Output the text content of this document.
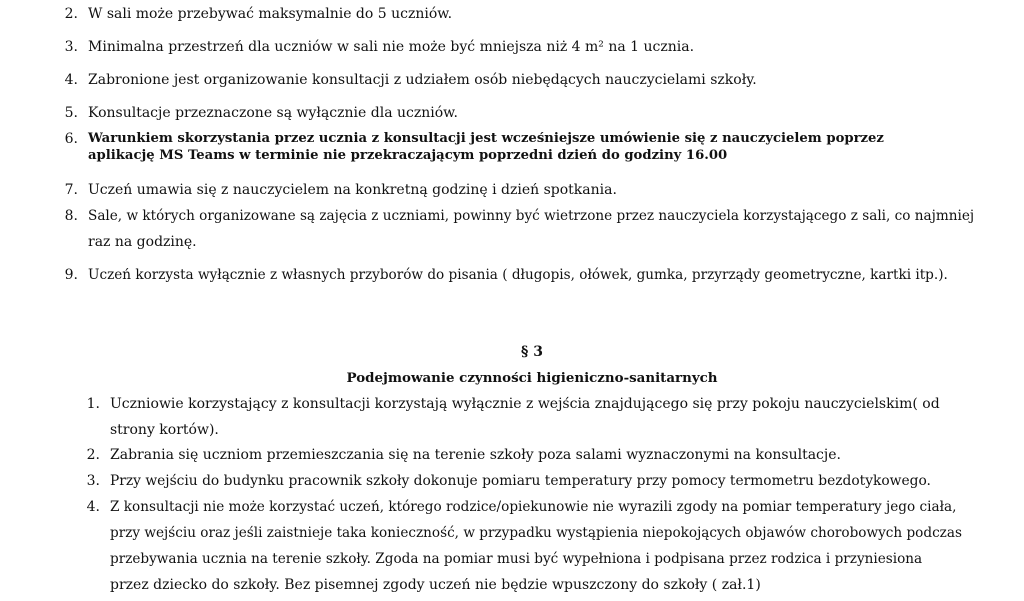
2. W sali może przebywać maksymalnie do 5 uczniów.
3. Minimalna przestrzeń dla uczniów w sali nie może być mniejsza niż 4 m² na 1 ucznia.
4. Zabronione jest organizowanie konsultacji z udziałem osób niebędących nauczycielami szkoły.
5. Konsultacje przeznaczone są wyłącznie dla uczniów.
6. Warunkiem skorzystania przez ucznia z konsultacji jest wcześniejsze umówienie się z nauczycielem poprzez
aplikację MS Teams w terminie nie przekraczającym poprzedni dzień do godziny 16.00
7. Uczeń umawia się z nauczycielem na konkretną godzinę i dzień spotkania.
8. Sale, w których organizowane są zajęcia z uczniami, powinny być wietrzone przez nauczyciela korzystającego z sali, co najmniej
raz na godzinę.
9. Uczeń korzysta wyłącznie z własnych przyborów do pisania ( długopis, ołówek, gumka, przyrządy geometryczne, kartki itp.).
§ 3
Podejmowanie czynności higieniczno-sanitarnych
1. Uczniowie korzystający z konsultacji korzystają wyłącznie z wejścia znajdującego się przy pokoju nauczycielskim( od
strony kortów).
2. Zabrania się uczniom przemieszczania się na terenie szkoły poza salami wyznaczonymi na konsultacje.
3. Przy wejściu do budynku pracownik szkoły dokonuje pomiaru temperatury przy pomocy termometru bezdotykowego.
4. Z konsultacji nie może korzystać uczeń, którego rodzice/opiekunowie nie wyrazili zgody na pomiar temperatury jego ciała,
przy wejściu oraz jeśli zaistnieje taka konieczność, w przypadku wystąpienia niepokojących objawów chorobowych podczas
przebywania ucznia na terenie szkoły. Zgoda na pomiar musi być wypełniona i podpisana przez rodzica i przyniesiona
przez dziecko do szkoły. Bez pisemnej zgody uczeń nie będzie wpuszczony do szkoły ( zał.1)
